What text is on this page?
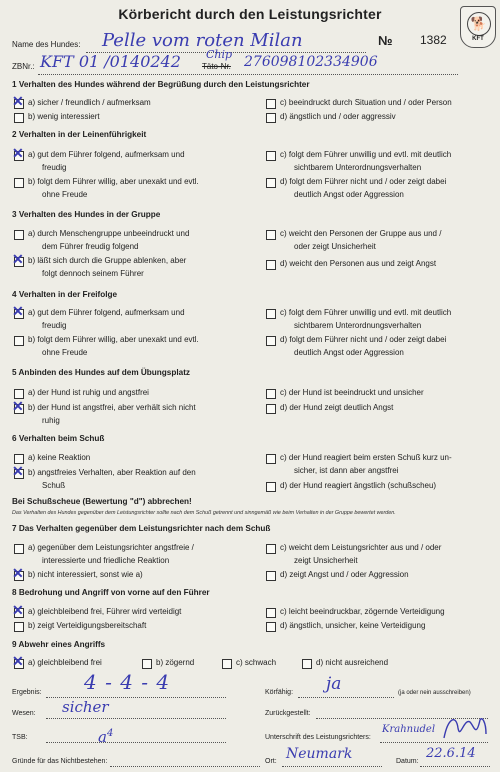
Körbericht durch den Leistungsrichter
🐕
KFT
№ 1382
Name des Hundes: Pelle vom roten Milan
ZBNr.: KFT 01 /0140242	Täto-Nr.
Chip 276098102334906
1 Verhalten des Hundes während der Begrüßung durch den Leistungsrichter
✕
a) sicher / freundlich / aufmerksam
b) wenig interessiert
c) beeindruckt durch Situation und / oder Person
d) ängstlich und / oder aggressiv
2 Verhalten in der Leinenführigkeit
✕
a) gut dem Führer folgend, aufmerksam und
freudig
b) folgt dem Führer willig, aber unexakt und evtl.
ohne Freude
c) folgt dem Führer unwillig und evtl. mit deutlich
sichtbarem Unterordnungsverhalten
d) folgt dem Führer nicht und / oder zeigt dabei
deutlich Angst oder Aggression
3 Verhalten des Hundes in der Gruppe
a) durch Menschengruppe unbeeindruckt und
dem Führer freudig folgend
✕
b) läßt sich durch die Gruppe ablenken, aber
folgt dennoch seinem Führer
c) weicht den Personen der Gruppe aus und /
oder zeigt Unsicherheit
d) weicht den Personen aus und zeigt Angst
4 Verhalten in der Freifolge
✕
a) gut dem Führer folgend, aufmerksam und
freudig
b) folgt dem Führer willig, aber unexakt und evtl.
ohne Freude
c) folgt dem Führer unwillig und evtl. mit deutlich
sichtbarem Unterordnungsverhalten
d) folgt dem Führer nicht und / oder zeigt dabei
deutlich Angst oder Aggression
5 Anbinden des Hundes auf dem Übungsplatz
a) der Hund ist ruhig und angstfrei
✕
b) der Hund ist angstfrei, aber verhält sich nicht
ruhig
c) der Hund ist beeindruckt und unsicher
d) der Hund zeigt deutlich Angst
6 Verhalten beim Schuß
a) keine Reaktion
✕
b) angstfreies Verhalten, aber Reaktion auf den
Schuß
c) der Hund reagiert beim ersten Schuß kurz un-
sicher, ist dann aber angstfrei
d) der Hund reagiert ängstlich (schußscheu)
Bei Schußscheue (Bewertung "d") abbrechen!
Das Verhalten des Hundes gegenüber dem Leistungsrichter sollte nach dem Schuß getrennt und sinngemäß wie beim Verhalten in der Gruppe bewertet werden.
7 Das Verhalten gegenüber dem Leistungsrichter nach dem Schuß
a) gegenüber dem Leistungsrichter angstfreie /
interessierte und friedliche Reaktion
✕
b) nicht interessiert, sonst wie a)
c) weicht dem Leistungsrichter aus und / oder
zeigt Unsicherheit
d) zeigt Angst und / oder Aggression
8 Bedrohung und Angriff von vorne auf den Führer
✕
a) gleichbleibend frei, Führer wird verteidigt
b) zeigt Verteidigungsbereitschaft
c) leicht beeindruckbar, zögernde Verteidigung
d) ängstlich, unsicher, keine Verteidigung
9 Abwehr eines Angriffs
✕
a) gleichbleibend frei	b) zögernd	c) schwach	d) nicht ausreichend
Ergebnis: 4 - 4 - 4	Körfähig: ja	(ja oder nein ausschreiben)
Wesen: sicher	Zurückgestellt:
TSB:	$a^4$	Unterschrift des Leistungsrichters:
Krahnudel
Gründe für das Nichtbestehen:	Ort: Neumark	Datum:
22.6.14
